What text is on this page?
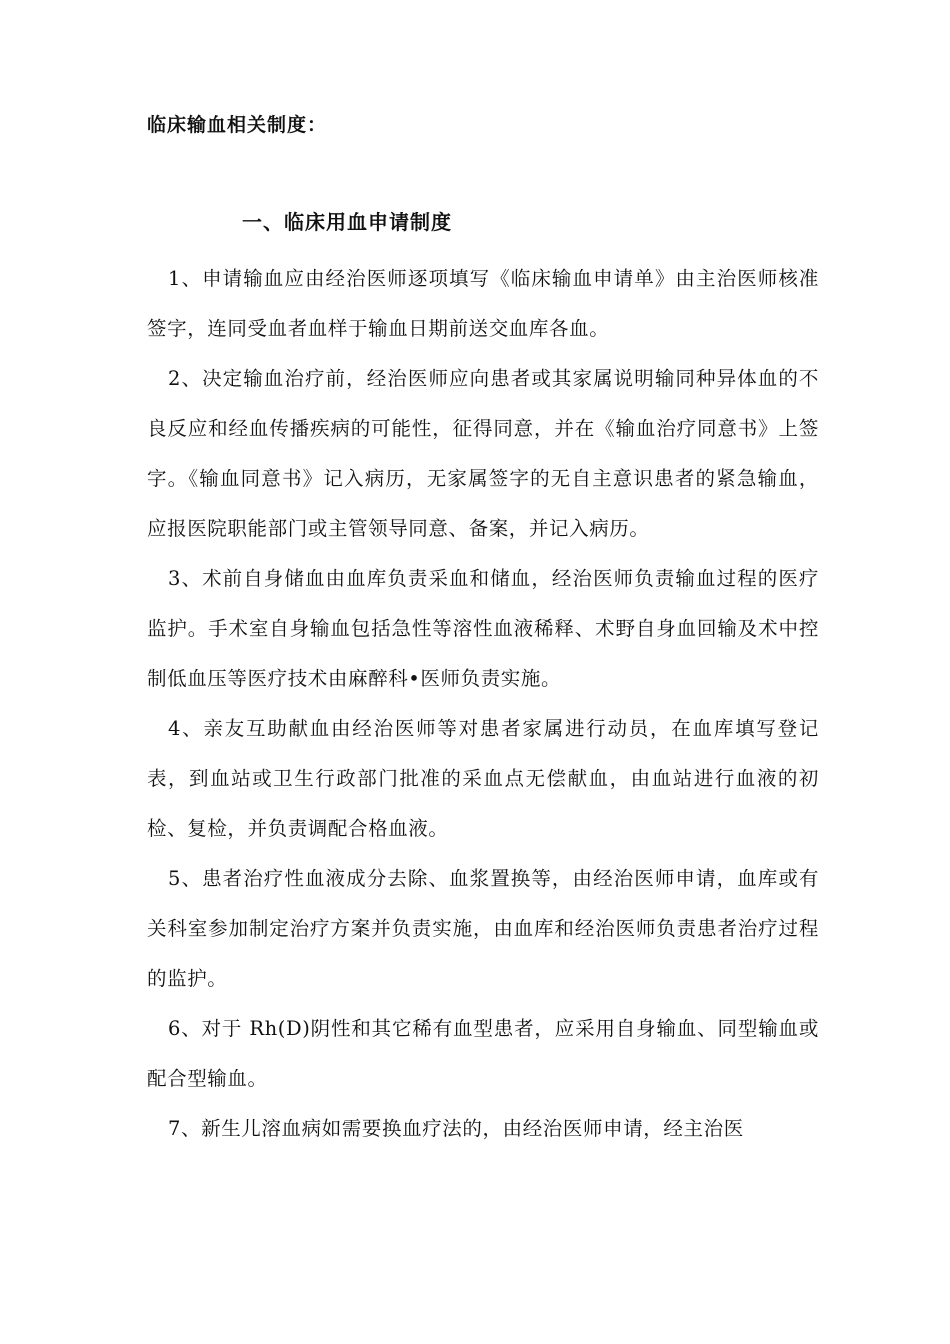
临床输血相关制度：
一、临床用血申请制度

1、申请输血应由经治医师逐项填写《临床输血申请单》由主治医师核准签字，连同受血者血样于输血日期前送交血库各血。

2、决定输血治疗前，经治医师应向患者或其家属说明输同种异体血的不良反应和经血传播疾病的可能性，征得同意，并在《输血治疗同意书》上签字。《输血同意书》记入病历，无家属签字的无自主意识患者的紧急输血，应报医院职能部门或主管领导同意、备案，并记入病历。

3、术前自身储血由血库负责采血和储血，经治医师负责输血过程的医疗监护。手术室自身输血包括急性等溶性血液稀释、术野自身血回输及术中控制低血压等医疗技术由麻醉科•医师负责实施。

4、亲友互助献血由经治医师等对患者家属进行动员，在血库填写登记表，到血站或卫生行政部门批准的采血点无偿献血，由血站进行血液的初检、复检，并负责调配合格血液。

5、患者治疗性血液成分去除、血浆置换等，由经治医师申请，血库或有关科室参加制定治疗方案并负责实施，由血库和经治医师负责患者治疗过程的监护。

6、对于 Rh(D)阴性和其它稀有血型患者，应采用自身输血、同型输血或配合型输血。

7、新生儿溶血病如需要换血疗法的，由经治医师申请，经主治医
